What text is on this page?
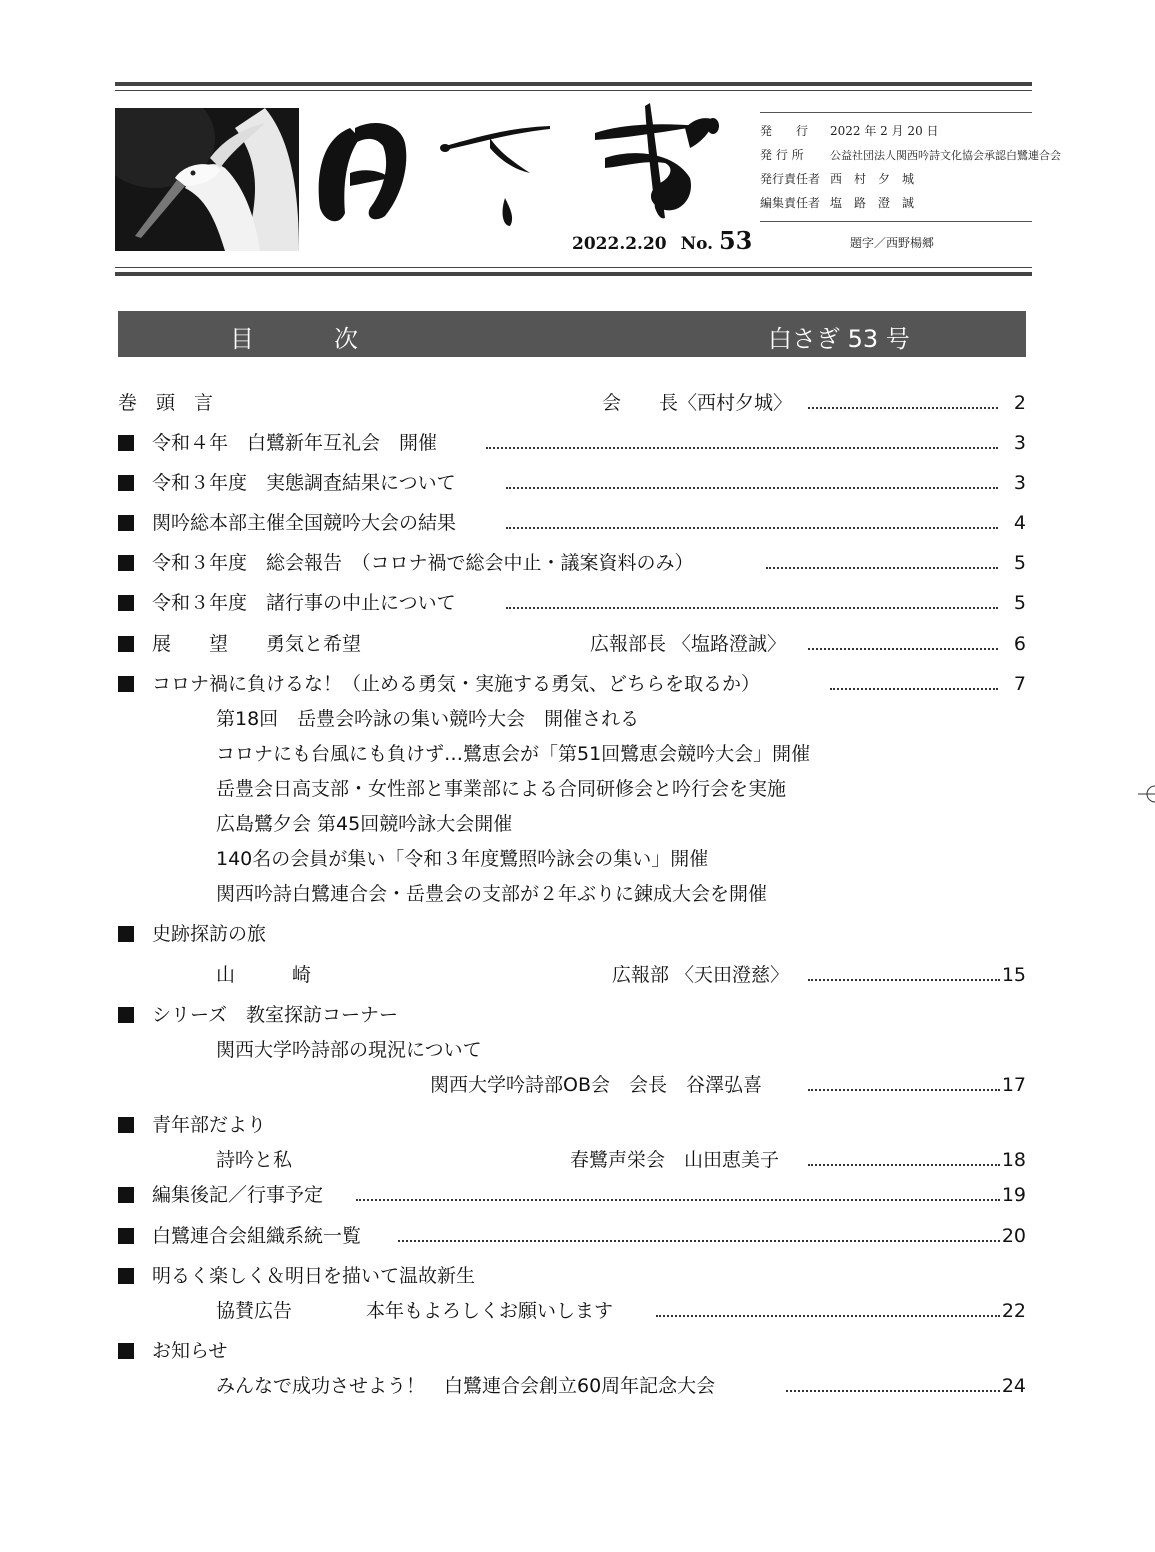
2022.2.20 No. 53
発　　行 2022 年 2 月 20 日
発 行 所 公益社団法人関西吟詩文化協会承認白鷺連合会
発行責任者 西　村　夕　城
編集責任者 塩　路　澄　誠
題字／西野楊郷
目　　　次	白さぎ 53 号
巻　頭　言	会　　長〈西村夕城〉	2
令和４年　白鷺新年互礼会　開催	3
令和３年度　実態調査結果について	3
関吟総本部主催全国競吟大会の結果	4
令和３年度　総会報告　（コロナ禍で総会中止・議案資料のみ）	5
令和３年度　諸行事の中止について	5
展　　望　　勇気と希望	広報部長 〈塩路澄誠〉	6
コロナ禍に負けるな！（止める勇気・実施する勇気、どちらを取るか）	7
第18回　岳豊会吟詠の集い競吟大会　開催される
コロナにも台風にも負けず…鷺恵会が「第51回鷺恵会競吟大会」開催
岳豊会日高支部・女性部と事業部による合同研修会と吟行会を実施
広島鷺夕会 第45回競吟詠大会開催
140名の会員が集い「令和３年度鷺照吟詠会の集い」開催
関西吟詩白鷺連合会・岳豊会の支部が２年ぶりに錬成大会を開催
史跡探訪の旅
山　　　崎	広報部 〈天田澄慈〉	15
シリーズ　教室探訪コーナー
関西大学吟詩部の現況について
関西大学吟詩部OB会　会長　谷澤弘喜	17
青年部だより
詩吟と私	春鷺声栄会　山田恵美子	18
編集後記／行事予定	19
白鷺連合会組織系統一覧	20
明るく楽しく＆明日を描いて温故新生
協賛広告	本年もよろしくお願いします	22
お知らせ
みんなで成功させよう！　白鷺連合会創立60周年記念大会	24
